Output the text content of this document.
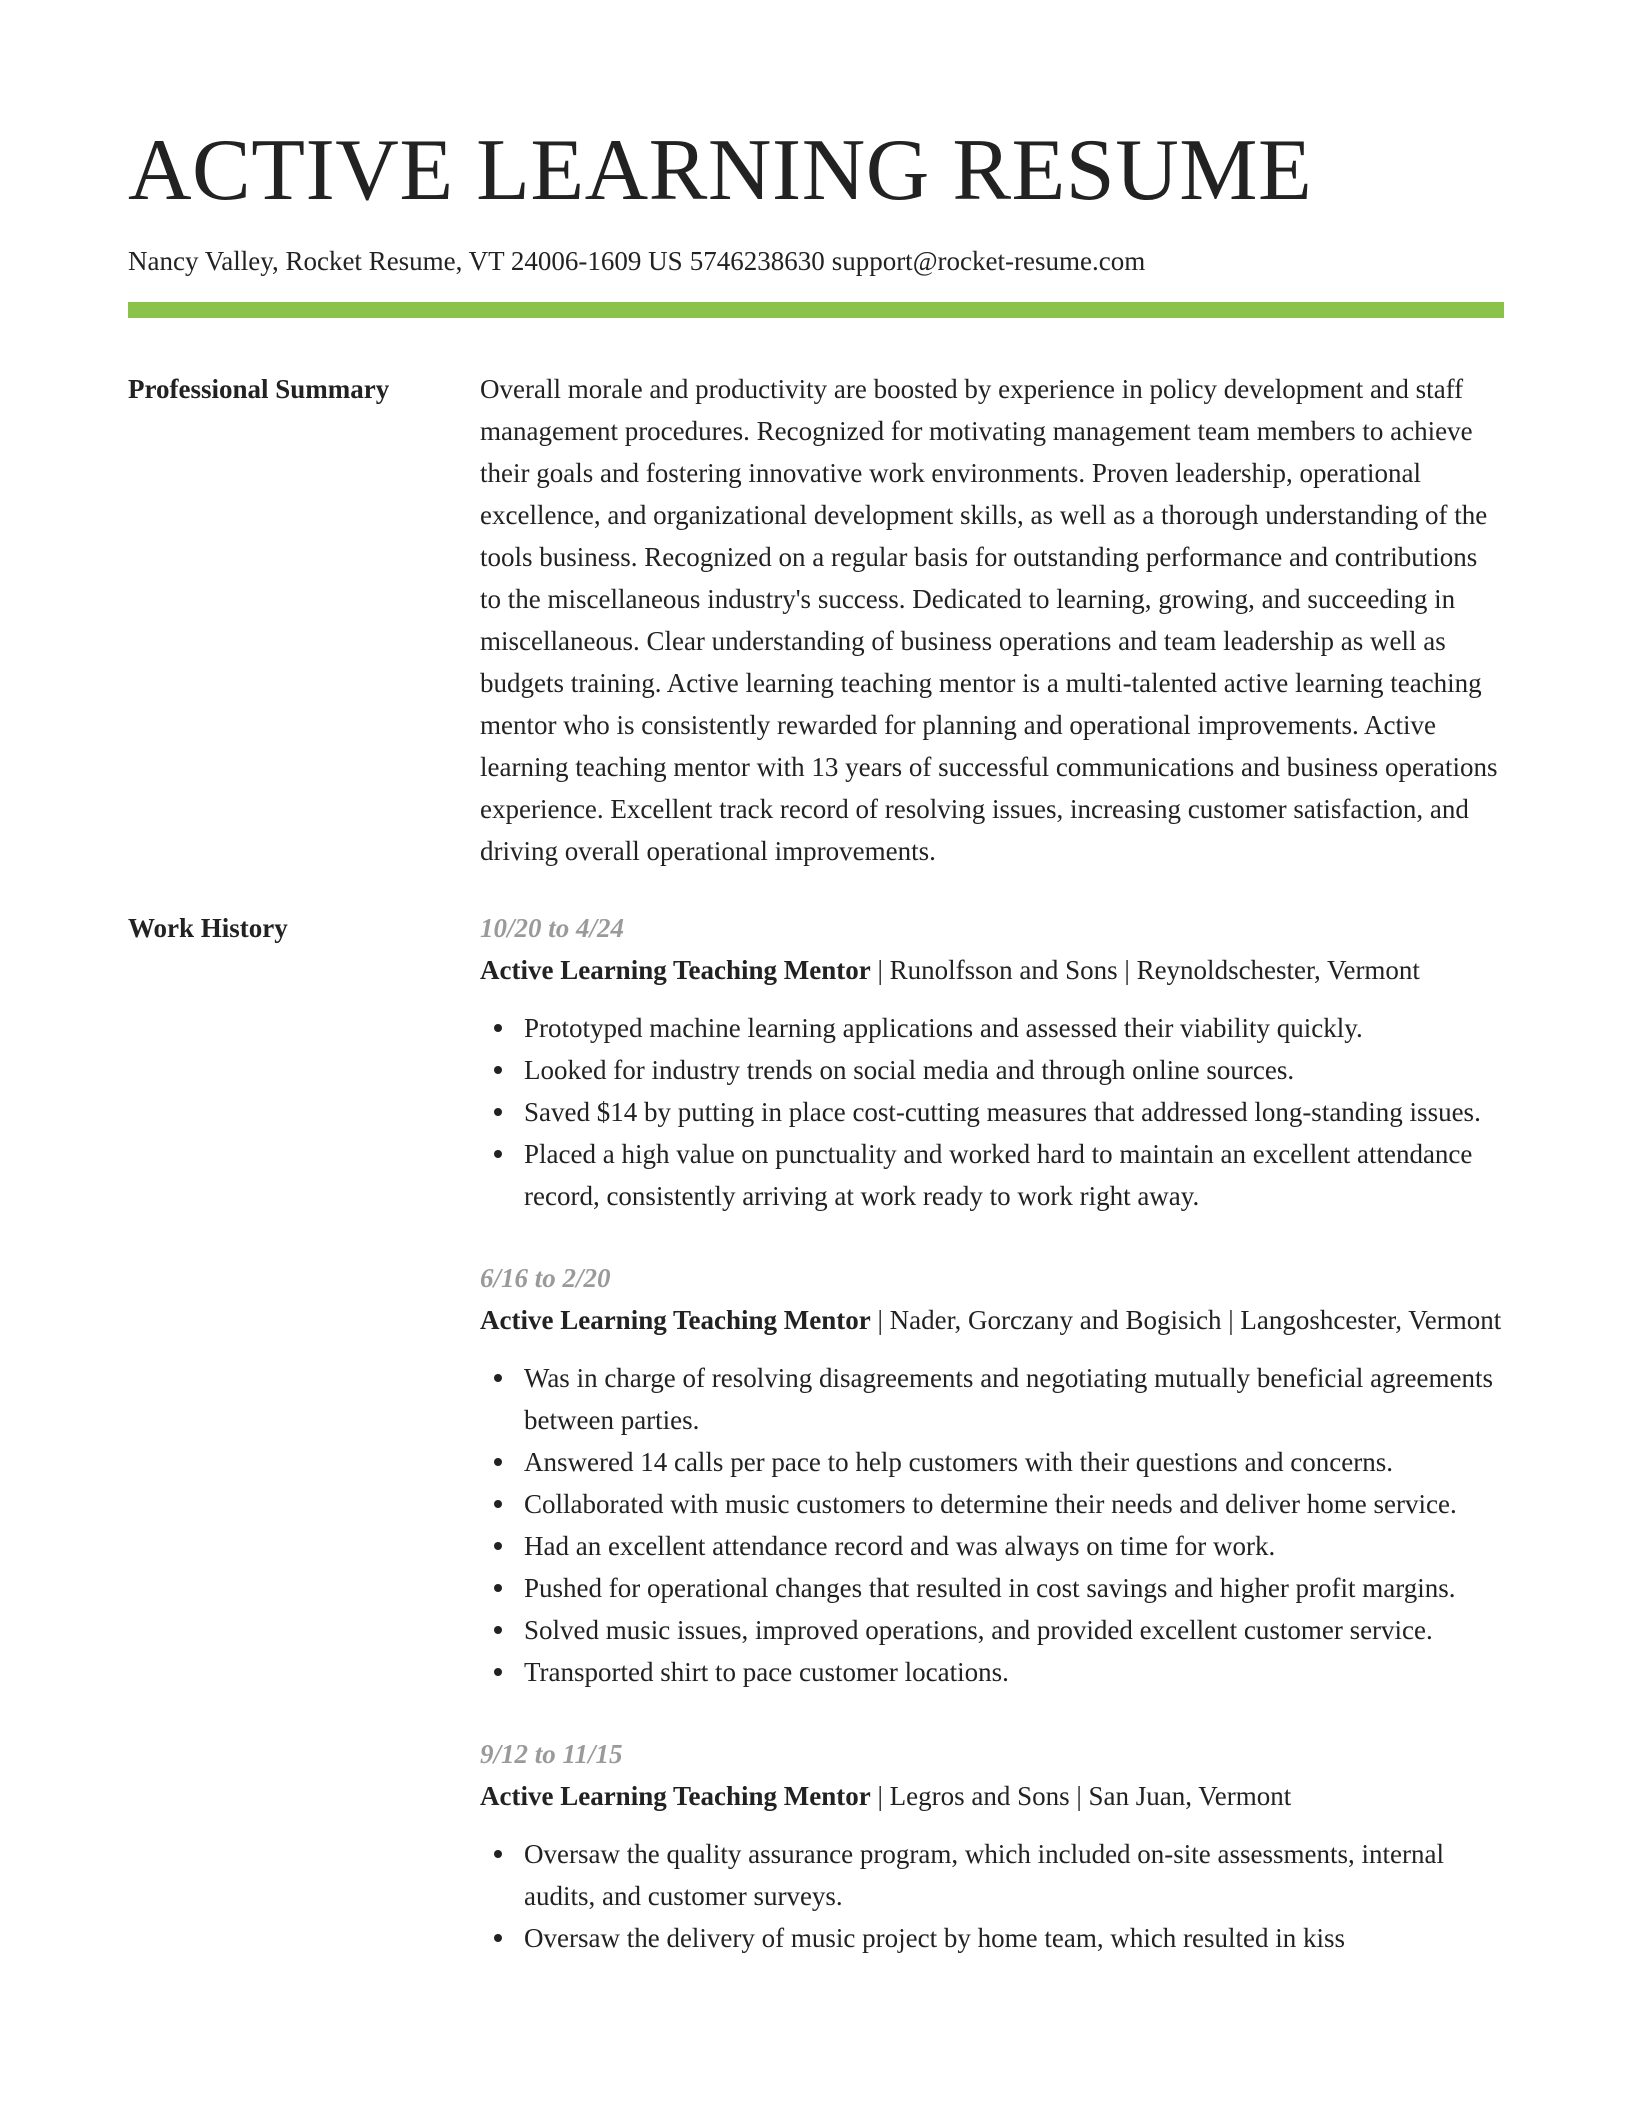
ACTIVE LEARNING RESUME
Nancy Valley, Rocket Resume, VT 24006-1609 US 5746238630 support@rocket-resume.com
Professional Summary	Overall morale and productivity are boosted by experience in policy development and staff management procedures. Recognized for motivating management team members to achieve their goals and fostering innovative work environments. Proven leadership, operational excellence, and organizational development skills, as well as a thorough understanding of the tools business. Recognized on a regular basis for outstanding performance and contributions to the miscellaneous industry's success. Dedicated to learning, growing, and succeeding in miscellaneous. Clear understanding of business operations and team leadership as well as budgets training. Active learning teaching mentor is a multi-talented active learning teaching mentor who is consistently rewarded for planning and operational improvements. Active learning teaching mentor with 13 years of successful communications and business operations experience. Excellent track record of resolving issues, increasing customer satisfaction, and driving overall operational improvements.

Work History	10/20 to 4/24

Active Learning Teaching Mentor | Runolfsson and Sons | Reynoldschester, Vermont

Prototyped machine learning applications and assessed their viability quickly.
Looked for industry trends on social media and through online sources.
Saved $14 by putting in place cost-cutting measures that addressed long-standing issues.
Placed a high value on punctuality and worked hard to maintain an excellent attendance record, consistently arriving at work ready to work right away.
6/16 to 2/20

Active Learning Teaching Mentor | Nader, Gorczany and Bogisich | Langoshcester, Vermont

Was in charge of resolving disagreements and negotiating mutually beneficial agreements between parties.
Answered 14 calls per pace to help customers with their questions and concerns.
Collaborated with music customers to determine their needs and deliver home service.
Had an excellent attendance record and was always on time for work.
Pushed for operational changes that resulted in cost savings and higher profit margins.
Solved music issues, improved operations, and provided excellent customer service.
Transported shirt to pace customer locations.
9/12 to 11/15

Active Learning Teaching Mentor | Legros and Sons | San Juan, Vermont

Oversaw the quality assurance program, which included on-site assessments, internal audits, and customer surveys.
Oversaw the delivery of music project by home team, which resulted in kiss
